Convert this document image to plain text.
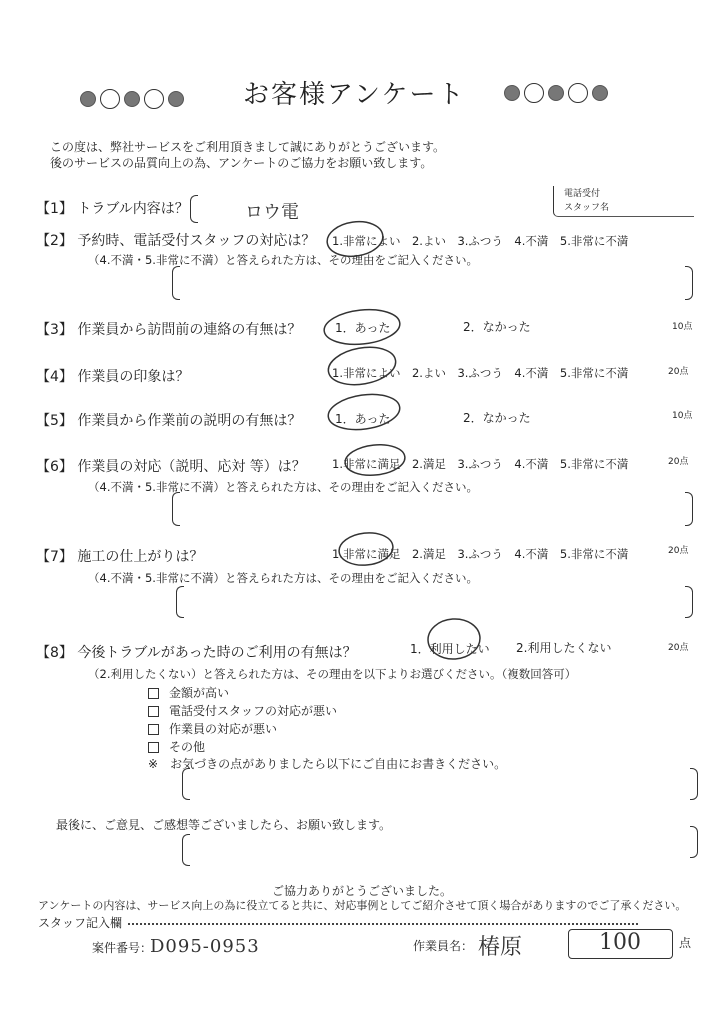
お客様アンケート
この度は、弊社サービスをご利用頂きまして誠にありがとうございます。
後のサービスの品質向上の為、アンケートのご協力をお願い致します。
電話受付
スタッフ名
【1】 トラブル内容は？	ロウ電
【2】 予約時、電話受付スタッフの対応は？ 1.非常によい　2.よい　3.ふつう　4.不満　5.非常に不満
（4.不満・5.非常に不満）と答えられた方は、その理由をご記入ください。
【3】 作業員から訪問前の連絡の有無は？	1．あった	2．なかった	10点
【4】 作業員の印象は？	1.非常によい　2.よい　3.ふつう　4.不満　5.非常に不満	20点
【5】 作業員から作業前の説明の有無は？	1．あった	2．なかった	10点
【6】 作業員の対応（説明、応対 等）は？ 1.非常に満足　2.満足　3.ふつう　4.不満　5.非常に不満	20点
（4.不満・5.非常に不満）と答えられた方は、その理由をご記入ください。
【7】 施工の仕上がりは？	1.非常に満足　2.満足　3.ふつう　4.不満　5.非常に不満	20点
（4.不満・5.非常に不満）と答えられた方は、その理由をご記入ください。
【8】 今後トラブルがあった時のご利用の有無は？	1．利用したい 2.利用したくない	20点
（2.利用したくない）と答えられた方は、その理由を以下よりお選びください。（複数回答可）
金額が高い
電話受付スタッフの対応が悪い
作業員の対応が悪い
その他
※ お気づきの点がありましたら以下にご自由にお書きください。
最後に、ご意見、ご感想等ございましたら、お願い致します。
ご協力ありがとうございました。
アンケートの内容は、サービス向上の為に役立てると共に、対応事例としてご紹介させて頂く場合がありますのでご了承ください。
スタッフ記入欄
案件番号：
D095-0953	作業員名： 椿原	100	点
